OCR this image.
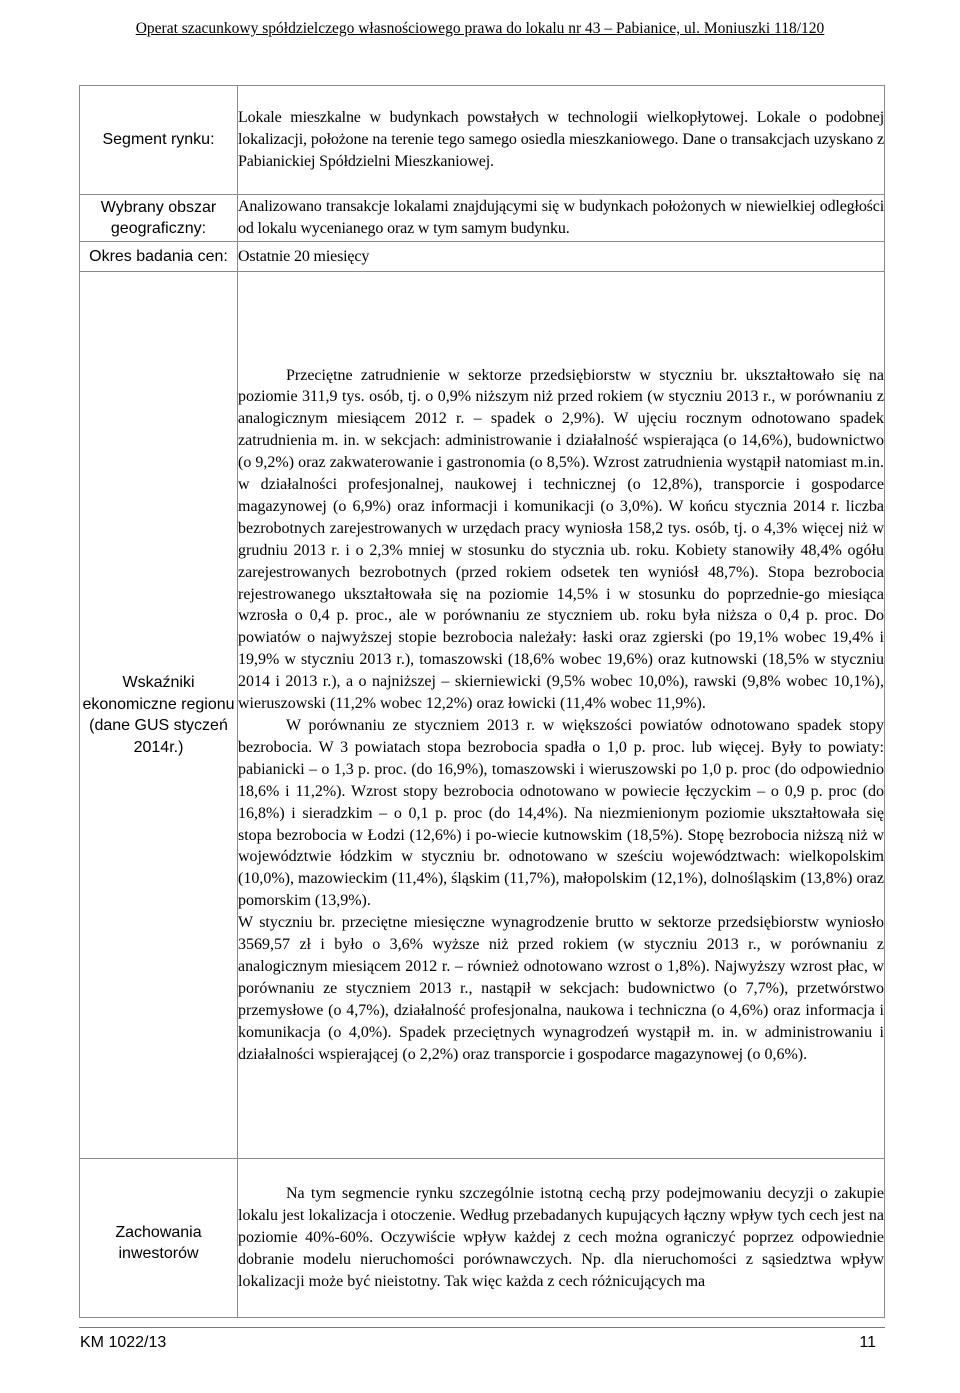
Operat szacunkowy spółdzielczego własnościowego prawa do lokalu nr 43 – Pabianice, ul. Moniuszki 118/120
Segment rynku:	Lokale mieszkalne w budynkach powstałych w technologii wielkopłytowej. Lokale o podobnej lokalizacji, położone na terenie tego samego osiedla mieszkaniowego. Dane o transakcjach uzyskano z Pabianickiej Spółdzielni Mieszkaniowej.

Wybrany obszar geograficzny:	Analizowano transakcje lokalami znajdującymi się w budynkach położonych w niewielkiej odległości od lokalu wycenianego oraz w tym samym budynku.

Okres badania cen:	Ostatnie 20 miesięcy

Wskaźniki ekonomiczne regionu (dane GUS styczeń 2014r.)	Przeciętne zatrudnienie w sektorze przedsiębiorstw w styczniu br. ukształtowało się na poziomie 311,9 tys. osób, tj. o 0,9% niższym niż przed rokiem (w styczniu 2013 r., w porównaniu z analogicznym miesiącem 2012 r. – spadek o 2,9%). W ujęciu rocznym odnotowano spadek zatrudnienia m. in. w sekcjach: administrowanie i działalność wspierająca (o 14,6%), budownictwo (o 9,2%) oraz zakwaterowanie i gastronomia (o 8,5%). Wzrost zatrudnienia wystąpił natomiast m.in. w działalności profesjonalnej, naukowej i technicznej (o 12,8%), transporcie i gospodarce magazynowej (o 6,9%) oraz informacji i komunikacji (o 3,0%). W końcu stycznia 2014 r. liczba bezrobotnych zarejestrowanych w urzędach pracy wyniosła 158,2 tys. osób, tj. o 4,3% więcej niż w grudniu 2013 r. i o 2,3% mniej w stosunku do stycznia ub. roku. Kobiety stanowiły 48,4% ogółu zarejestrowanych bezrobotnych (przed rokiem odsetek ten wyniósł 48,7%). Stopa bezrobocia rejestrowanego ukształtowała się na poziomie 14,5% i w stosunku do poprzednie-go miesiąca wzrosła o 0,4 p. proc., ale w porównaniu ze styczniem ub. roku była niższa o 0,4 p. proc. Do powiatów o najwyższej stopie bezrobocia należały: łaski oraz zgierski (po 19,1% wobec 19,4% i 19,9% w styczniu 2013 r.), tomaszowski (18,6% wobec 19,6%) oraz kutnowski (18,5% w styczniu 2014 i 2013 r.), a o najniższej – skierniewicki (9,5% wobec 10,0%), rawski (9,8% wobec 10,1%), wieruszowski (11,2% wobec 12,2%) oraz łowicki (11,4% wobec 11,9%).

W porównaniu ze styczniem 2013 r. w większości powiatów odnotowano spadek stopy bezrobocia. W 3 powiatach stopa bezrobocia spadła o 1,0 p. proc. lub więcej. Były to powiaty: pabianicki – o 1,3 p. proc. (do 16,9%), tomaszowski i wieruszowski po 1,0 p. proc (do odpowiednio 18,6% i 11,2%). Wzrost stopy bezrobocia odnotowano w powiecie łęczyckim – o 0,9 p. proc (do 16,8%) i sieradzkim – o 0,1 p. proc (do 14,4%). Na niezmienionym poziomie ukształtowała się stopa bezrobocia w Łodzi (12,6%) i po-wiecie kutnowskim (18,5%). Stopę bezrobocia niższą niż w województwie łódzkim w styczniu br. odnotowano w sześciu województwach: wielkopolskim (10,0%), mazowieckim (11,4%), śląskim (11,7%), małopolskim (12,1%), dolnośląskim (13,8%) oraz pomorskim (13,9%).

W styczniu br. przeciętne miesięczne wynagrodzenie brutto w sektorze przedsiębiorstw wyniosło 3569,57 zł i było o 3,6% wyższe niż przed rokiem (w styczniu 2013 r., w porównaniu z analogicznym miesiącem 2012 r. – również odnotowano wzrost o 1,8%). Najwyższy wzrost płac, w porównaniu ze styczniem 2013 r., nastąpił w sekcjach: budownictwo (o 7,7%), przetwórstwo przemysłowe (o 4,7%), działalność profesjonalna, naukowa i techniczna (o 4,6%) oraz informacja i komunikacja (o 4,0%). Spadek przeciętnych wynagrodzeń wystąpił m. in. w administrowaniu i działalności wspierającej (o 2,2%) oraz transporcie i gospodarce magazynowej (o 0,6%).

Zachowania inwestorów	Na tym segmencie rynku szczególnie istotną cechą przy podejmowaniu decyzji o zakupie lokalu jest lokalizacja i otoczenie. Według przebadanych kupujących łączny wpływ tych cech jest na poziomie 40%-60%. Oczywiście wpływ każdej z cech można ograniczyć poprzez odpowiednie dobranie modelu nieruchomości porównawczych. Np. dla nieruchomości z sąsiedztwa wpływ lokalizacji może być nieistotny. Tak więc każda z cech różnicujących ma

KM 1022/13	11
